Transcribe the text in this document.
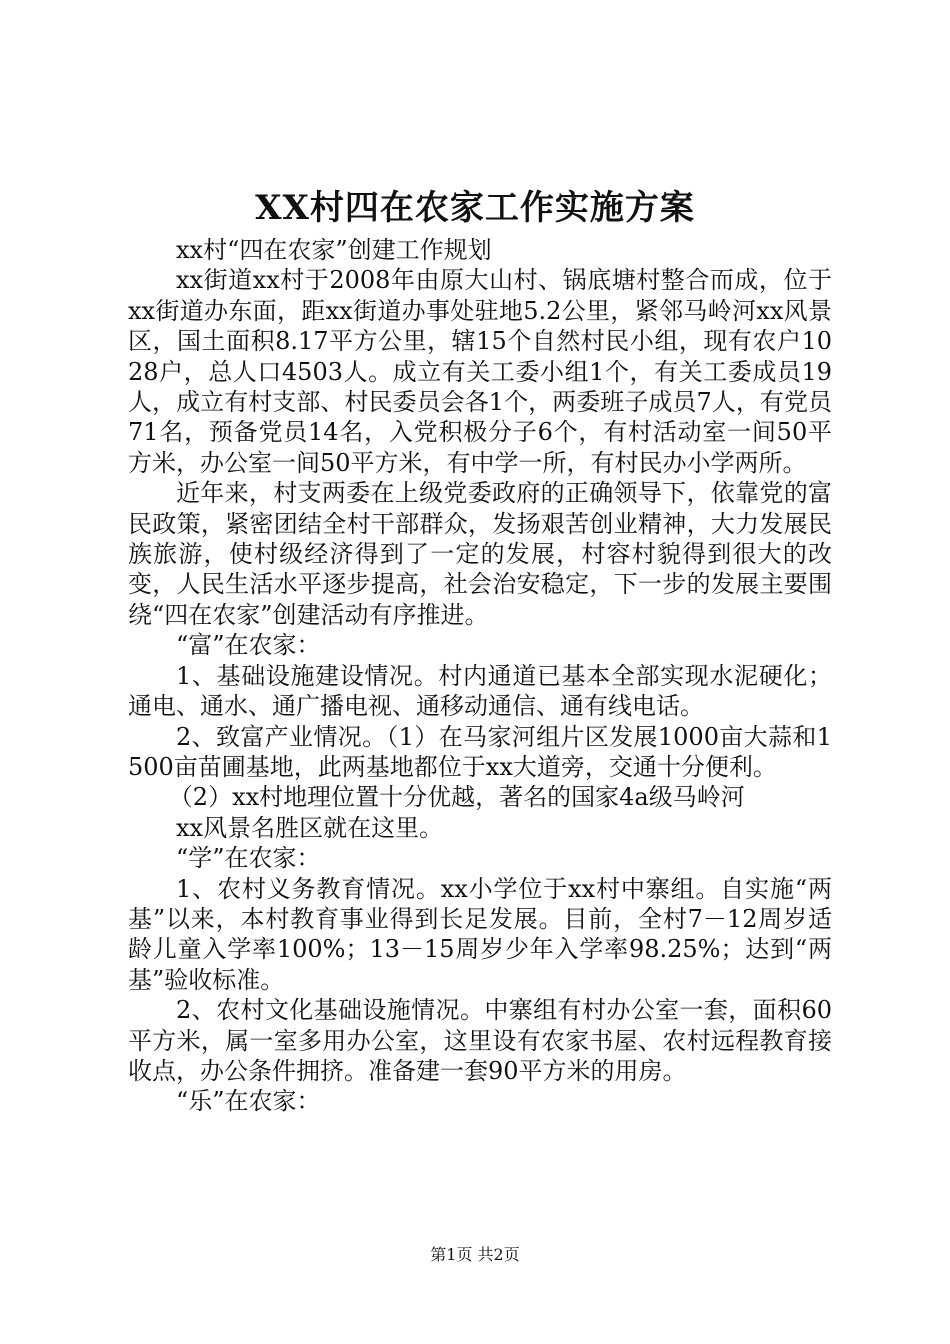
XX村四在农家工作实施方案

xx村“四在农家”创建工作规划

xx街道xx村于2008年由原大山村、锅底塘村整合而成，位于xx街道办东面，距xx街道办事处驻地5.2公里，紧邻马岭河xx风景区，国土面积8.17平方公里，辖15个自然村民小组，现有农户1028户，总人口4503人。成立有关工委小组1个，有关工委成员19人，成立有村支部、村民委员会各1个，两委班子成员7人，有党员71名，预备党员14名，入党积极分子6个，有村活动室一间50平方米，办公室一间50平方米，有中学一所，有村民办小学两所。

近年来，村支两委在上级党委政府的正确领导下，依靠党的富民政策，紧密团结全村干部群众，发扬艰苦创业精神，大力发展民族旅游，使村级经济得到了一定的发展，村容村貌得到很大的改变，人民生活水平逐步提高，社会治安稳定，下一步的发展主要围绕“四在农家”创建活动有序推进。

“富”在农家：

1、基础设施建设情况。村内通道已基本全部实现水泥硬化；通电、通水、通广播电视、通移动通信、通有线电话。

2、致富产业情况。（1）在马家河组片区发展1000亩大蒜和1500亩苗圃基地，此两基地都位于xx大道旁，交通十分便利。

（2）xx村地理位置十分优越，著名的国家4a级马岭河

xx风景名胜区就在这里。

“学”在农家：

1、农村义务教育情况。xx小学位于xx村中寨组。自实施“两基”以来，本村教育事业得到长足发展。目前，全村7－12周岁适龄儿童入学率100%；13－15周岁少年入学率98.25%；达到“两基”验收标准。

2、农村文化基础设施情况。中寨组有村办公室一套，面积60平方米，属一室多用办公室，这里设有农家书屋、农村远程教育接收点，办公条件拥挤。准备建一套90平方米的用房。

“乐”在农家：

第1页 共2页
